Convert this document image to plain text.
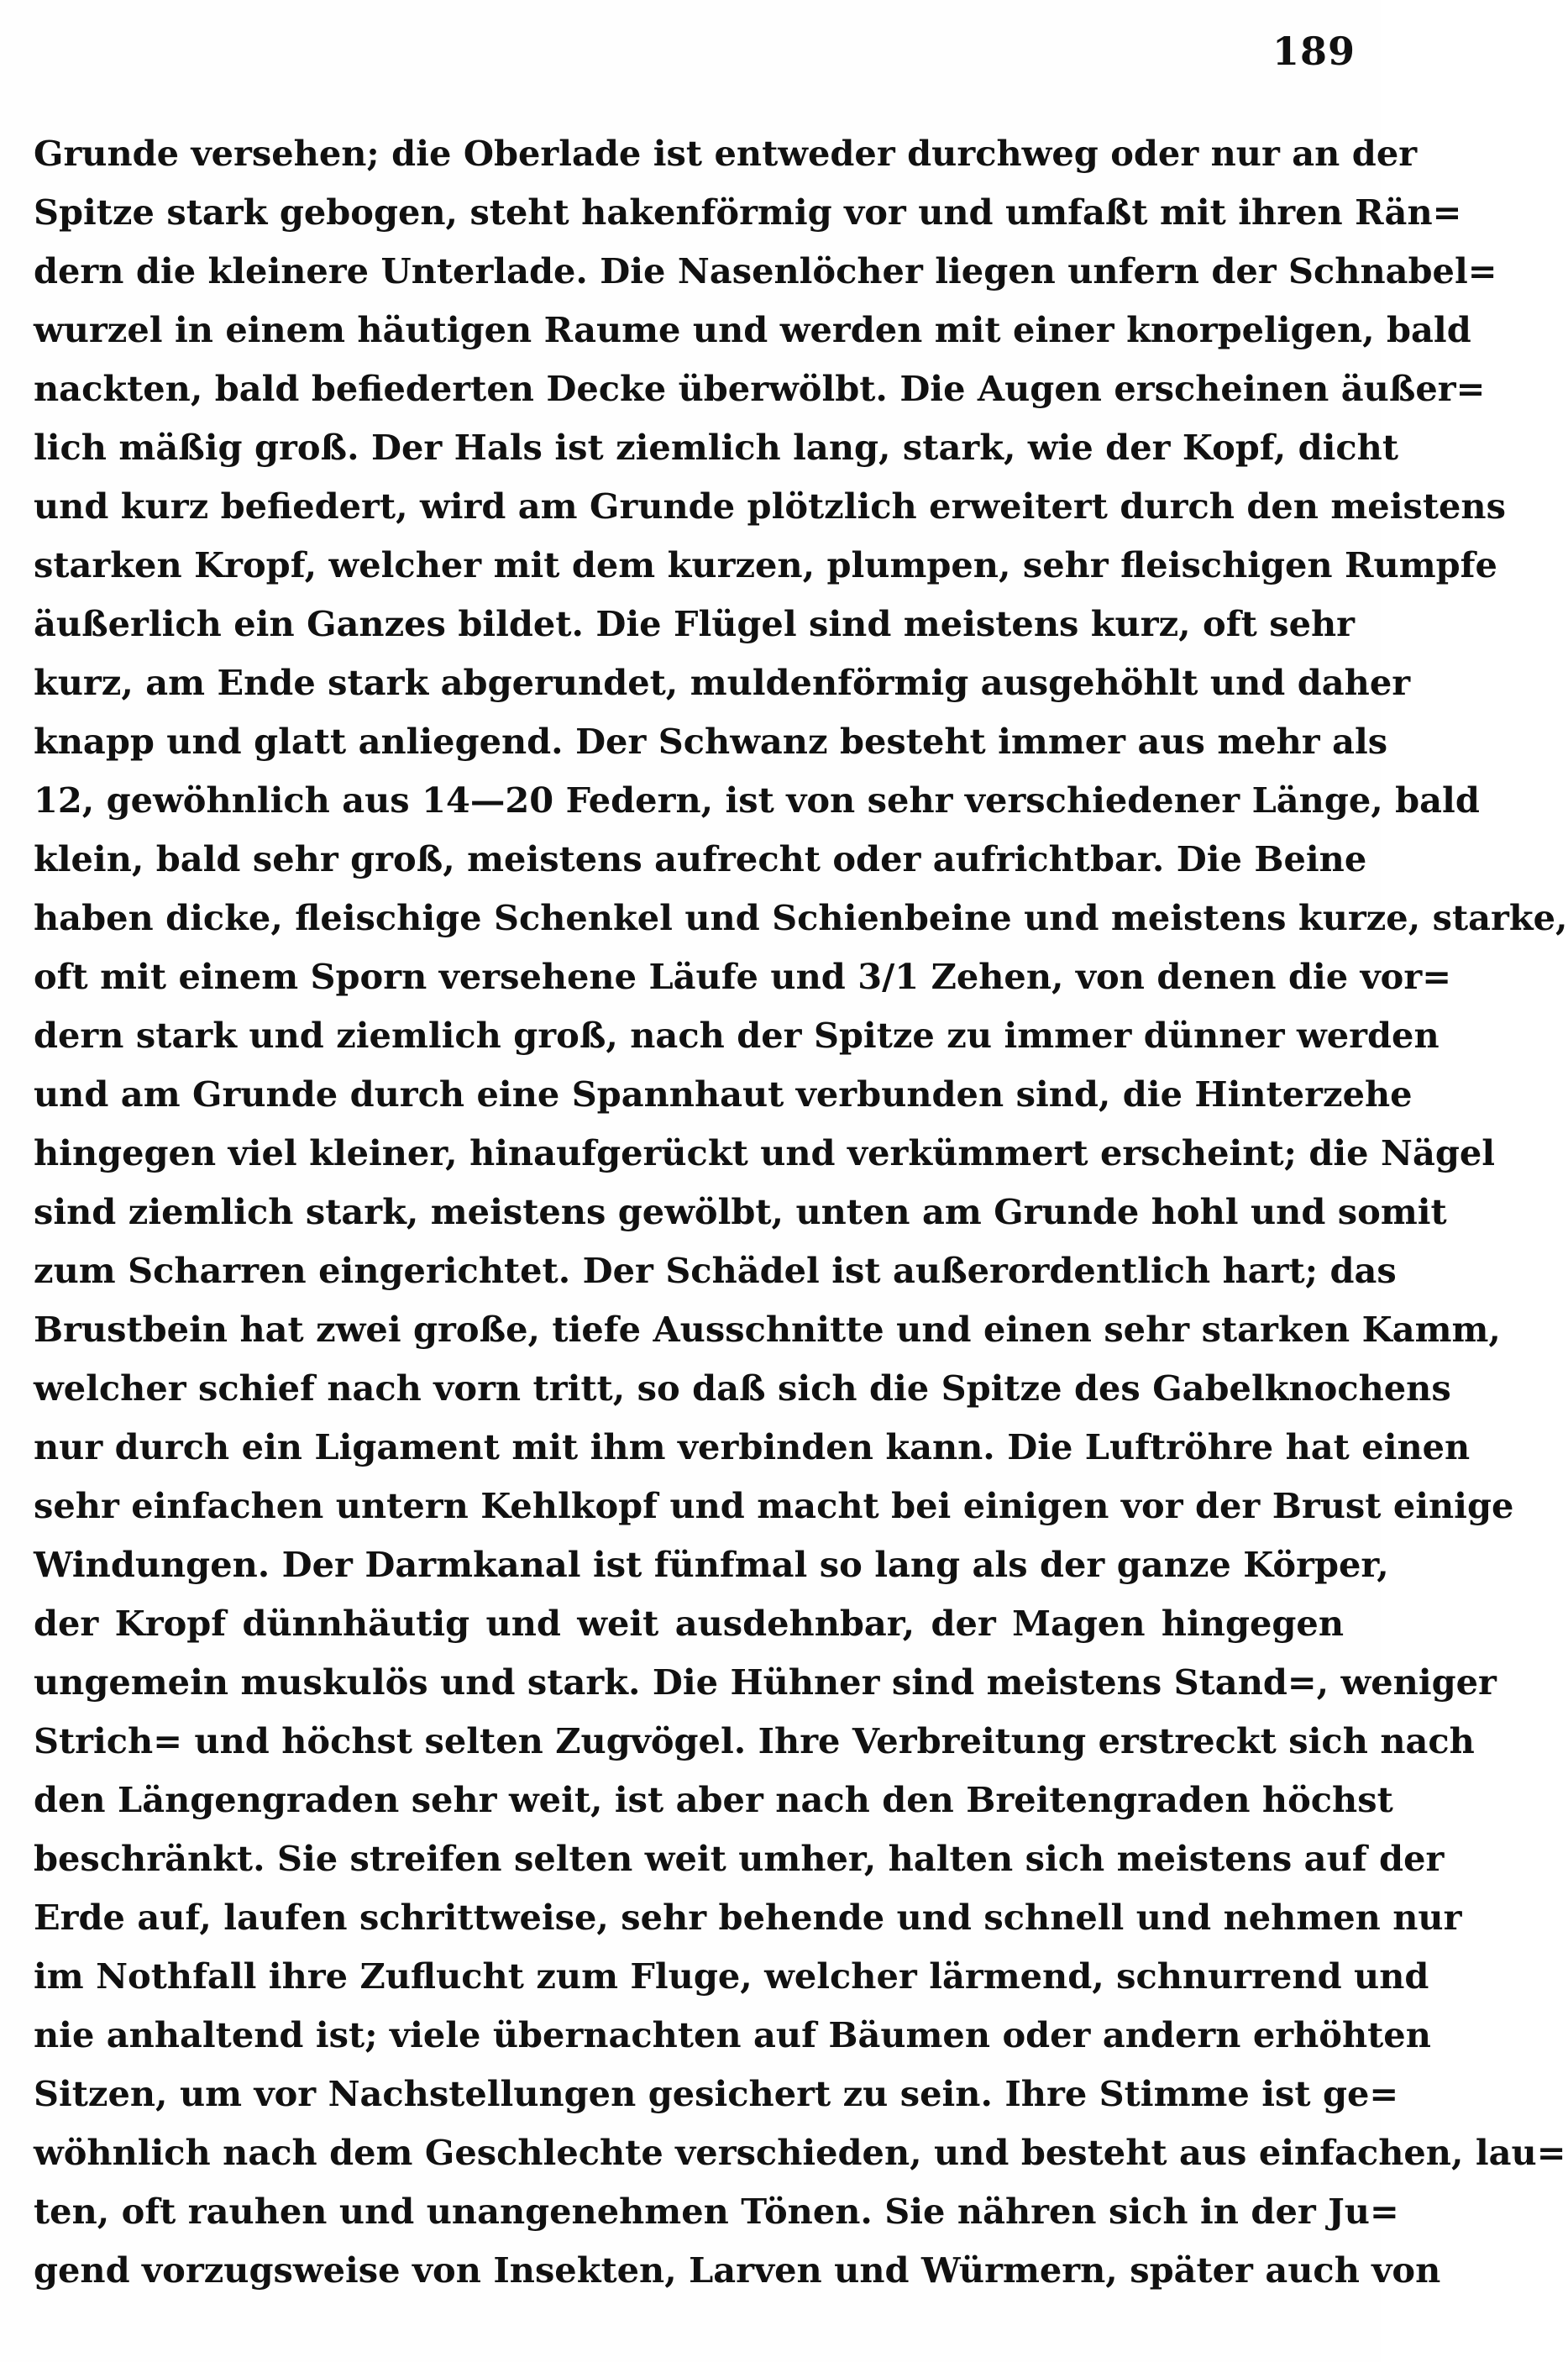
189
Grunde versehen; die Oberlade ist entweder durchweg oder nur an der
Spitze stark gebogen, steht hakenförmig vor und umfaßt mit ihren Rän=
dern die kleinere Unterlade. Die Nasenlöcher liegen unfern der Schnabel=
wurzel in einem häutigen Raume und werden mit einer knorpeligen, bald
nackten, bald befiederten Decke überwölbt. Die Augen erscheinen äußer=
lich mäßig groß. Der Hals ist ziemlich lang, stark, wie der Kopf, dicht
und kurz befiedert, wird am Grunde plötzlich erweitert durch den meistens
starken Kropf, welcher mit dem kurzen, plumpen, sehr fleischigen Rumpfe
äußerlich ein Ganzes bildet. Die Flügel sind meistens kurz, oft sehr
kurz, am Ende stark abgerundet, muldenförmig ausgehöhlt und daher
knapp und glatt anliegend. Der Schwanz besteht immer aus mehr als
12, gewöhnlich aus 14—20 Federn, ist von sehr verschiedener Länge, bald
klein, bald sehr groß, meistens aufrecht oder aufrichtbar. Die Beine
haben dicke, fleischige Schenkel und Schienbeine und meistens kurze, starke,
oft mit einem Sporn versehene Läufe und 3/1 Zehen, von denen die vor=
dern stark und ziemlich groß, nach der Spitze zu immer dünner werden
und am Grunde durch eine Spannhaut verbunden sind, die Hinterzehe
hingegen viel kleiner, hinaufgerückt und verkümmert erscheint; die Nägel
sind ziemlich stark, meistens gewölbt, unten am Grunde hohl und somit
zum Scharren eingerichtet. Der Schädel ist außerordentlich hart; das
Brustbein hat zwei große, tiefe Ausschnitte und einen sehr starken Kamm,
welcher schief nach vorn tritt, so daß sich die Spitze des Gabelknochens
nur durch ein Ligament mit ihm verbinden kann. Die Luftröhre hat einen
sehr einfachen untern Kehlkopf und macht bei einigen vor der Brust einige
Windungen. Der Darmkanal ist fünfmal so lang als der ganze Körper,
der Kropf dünnhäutig und weit ausdehnbar, der Magen hingegen
ungemein muskulös und stark. Die Hühner sind meistens Stand=, weniger
Strich= und höchst selten Zugvögel. Ihre Verbreitung erstreckt sich nach
den Längengraden sehr weit, ist aber nach den Breitengraden höchst
beschränkt. Sie streifen selten weit umher, halten sich meistens auf der
Erde auf, laufen schrittweise, sehr behende und schnell und nehmen nur
im Nothfall ihre Zuflucht zum Fluge, welcher lärmend, schnurrend und
nie anhaltend ist; viele übernachten auf Bäumen oder andern erhöhten
Sitzen, um vor Nachstellungen gesichert zu sein. Ihre Stimme ist ge=
wöhnlich nach dem Geschlechte verschieden, und besteht aus einfachen, lau=
ten, oft rauhen und unangenehmen Tönen. Sie nähren sich in der Ju=
gend vorzugsweise von Insekten, Larven und Würmern, später auch von
